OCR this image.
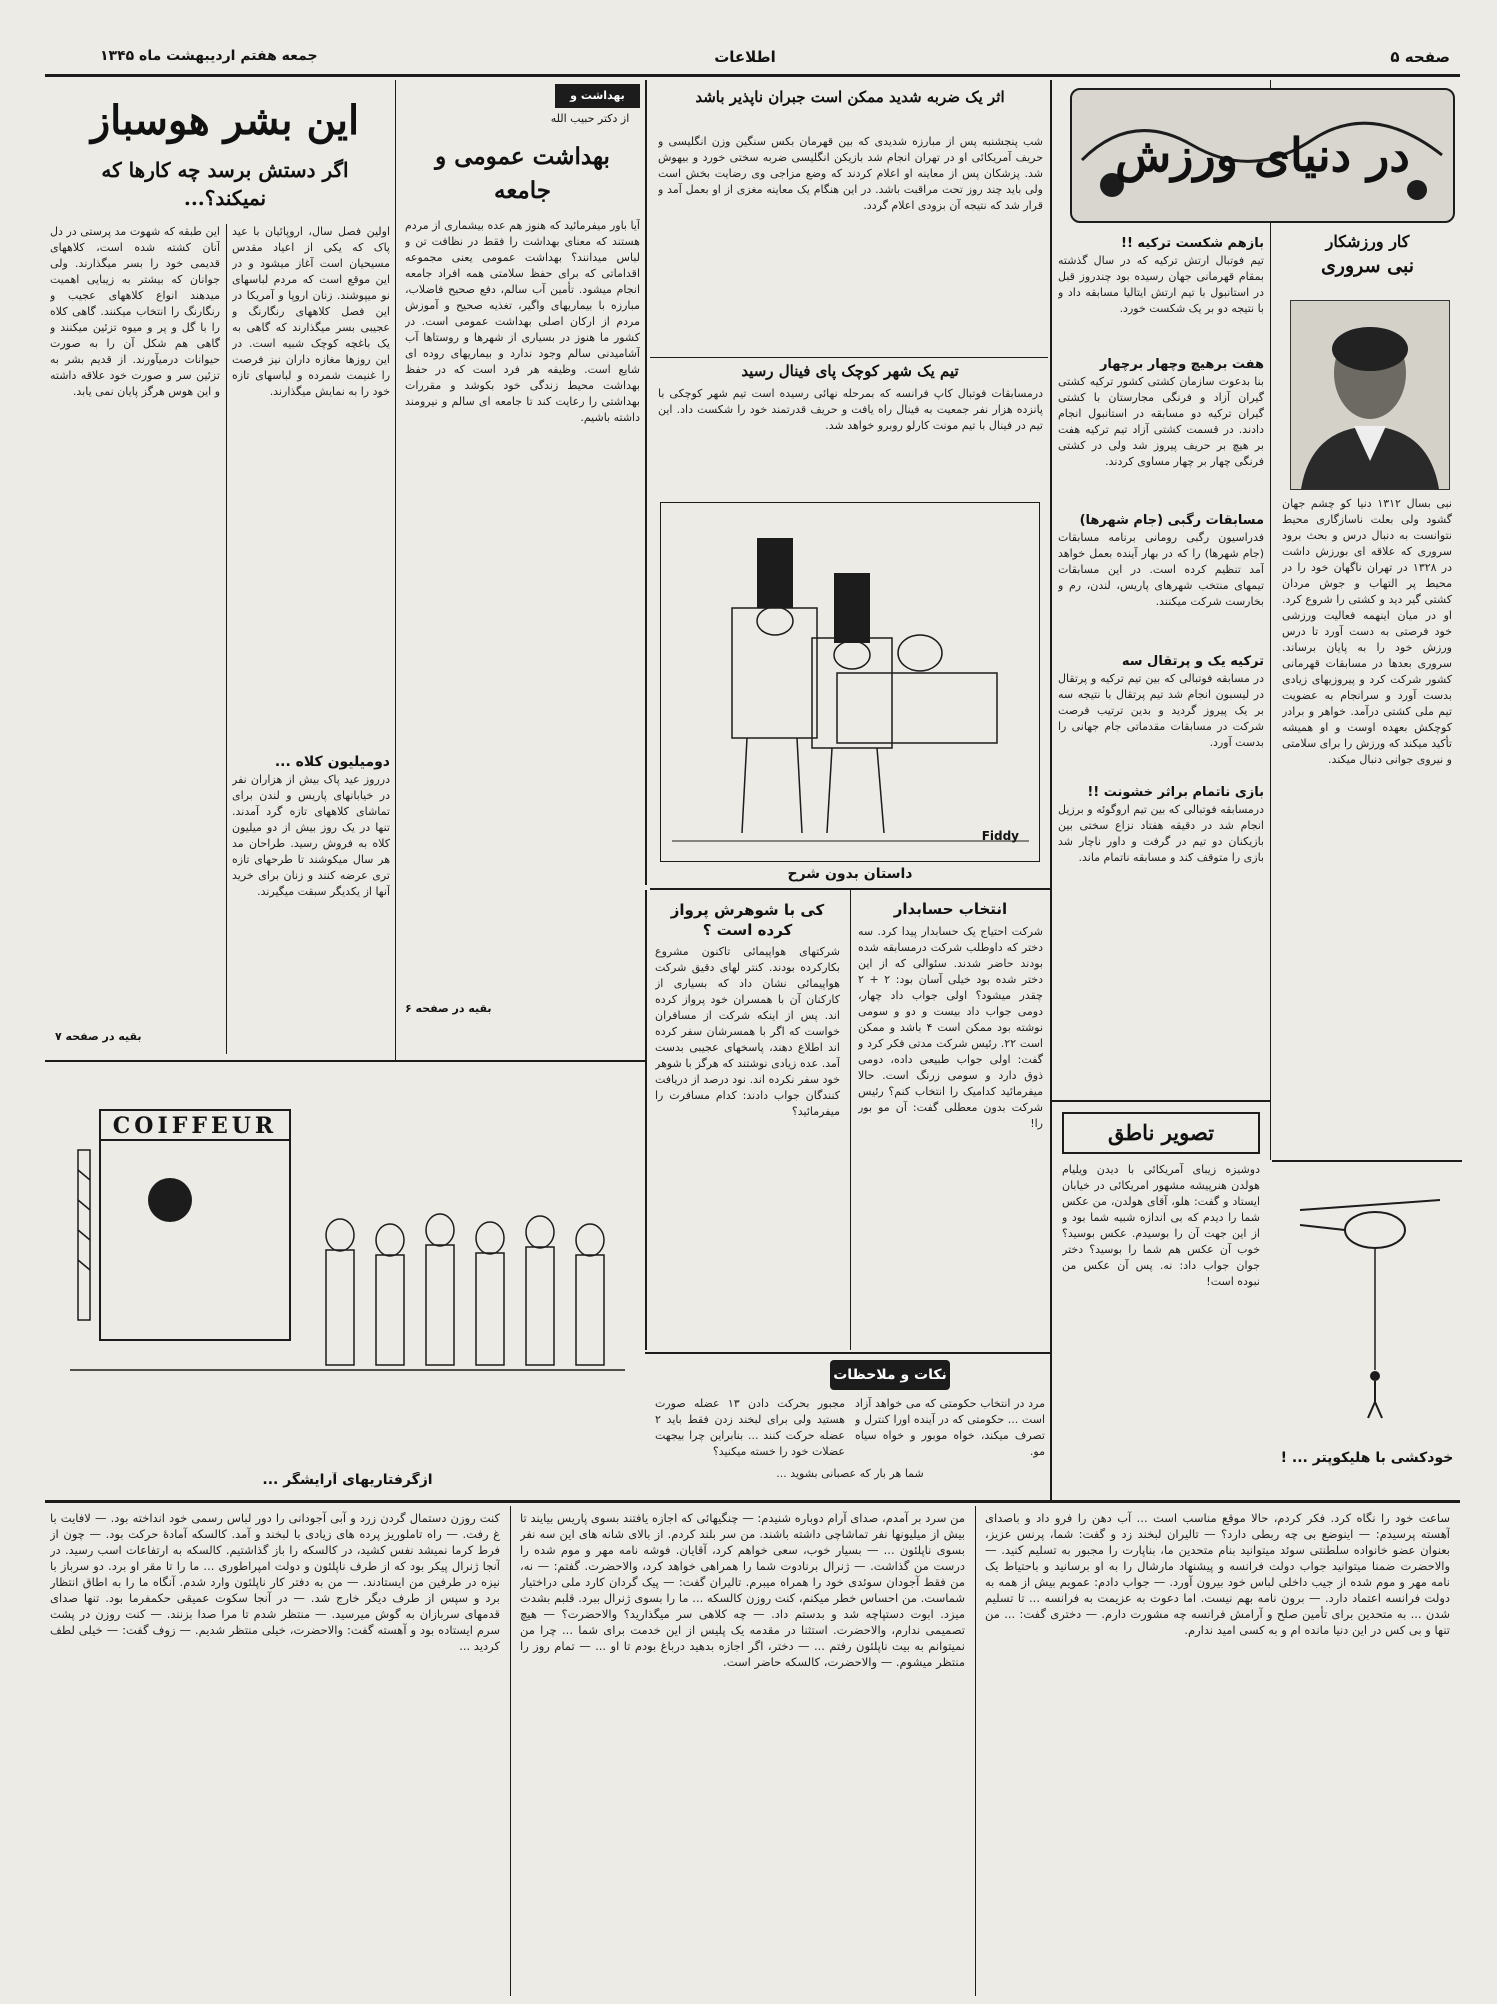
صفحه ۵
اطلاعات
جمعه هفتم اردیبهشت ماه ۱۳۴۵
در دنیای ورزش
کار ورزشکار
نبی سروری
نبی بسال ۱۳۱۲ دنیا کو چشم جهان گشود ولی بعلت ناسازگاری محیط نتوانست به دنبال درس و بحث برود سروری که علاقه ای بورزش داشت در ۱۳۲۸ در تهران ناگهان خود را در محیط پر التهاب و جوش مردان کشتی گیر دید و کشتی را شروع کرد. او در میان اینهمه فعالیت ورزشی خود فرصتی به دست آورد تا درس ورزش خود را به پایان برساند. سروری بعدها در مسابقات قهرمانی کشور شرکت کرد و پیروزیهای زیادی بدست آورد و سرانجام به عضویت تیم ملی کشتی درآمد. خواهر و برادر کوچکش بعهده اوست و او همیشه تأکید میکند که ورزش را برای سلامتی و نیروی جوانی دنبال میکند.
بازهم شکست ترکیه !!
تیم فوتبال ارتش ترکیه که در سال گذشته بمقام قهرمانی جهان رسیده بود چندروز قبل در استانبول با تیم ارتش ایتالیا مسابقه داد و با نتیجه دو بر یک شکست خورد.
هفت برهیچ وچهار برچهار
بنا بدعوت سازمان کشتی کشور ترکیه کشتی گیران آزاد و فرنگی مجارستان با کشتی گیران ترکیه دو مسابقه در استانبول انجام دادند. در قسمت کشتی آزاد تیم ترکیه هفت بر هیچ بر حریف پیروز شد ولی در کشتی فرنگی چهار بر چهار مساوی کردند.
مسابقات رگبی (جام شهرها)
فدراسیون رگبی رومانی برنامه مسابقات (جام شهرها) را که در بهار آینده بعمل خواهد آمد تنظیم کرده است. در این مسابقات تیمهای منتخب شهرهای پاریس، لندن، رم و بخارست شرکت میکنند.
ترکیه یک و پرتقال سه
در مسابقه فوتبالی که بین تیم ترکیه و پرتقال در لیسبون انجام شد تیم پرتقال با نتیجه سه بر یک پیروز گردید و بدین ترتیب فرصت شرکت در مسابقات مقدماتی جام جهانی را بدست آورد.
بازی ناتمام براثر خشونت !!
درمسابقه فوتبالی که بین تیم اروگوئه و برزیل انجام شد در دقیقه هفتاد نزاع سختی بین بازیکنان دو تیم در گرفت و داور ناچار شد بازی را متوقف کند و مسابقه ناتمام ماند.
تصویر ناطق
دوشیزه زیبای آمریکائی با دیدن ویلیام هولدن هنرپیشه مشهور امریکائی در خیابان ایستاد و گفت: هلو، آقای هولدن، من عکس شما را دیدم که بی اندازه شبیه شما بود و از این جهت آن را بوسیدم. عکس بوسید؟ خوب آن عکس هم شما را بوسید؟ دختر جوان جواب داد: نه. پس آن عکس من نبوده است!
خودکشی با هلیکوپتر ... !
اثر یک ضربه شدید ممکن است جبران ناپذیر باشد
شب پنجشنبه پس از مبارزه شدیدی که بین قهرمان بکس سنگین وزن انگلیسی و حریف آمریکائی او در تهران انجام شد بازیکن انگلیسی ضربه سختی خورد و بیهوش شد. پزشکان پس از معاینه او اعلام کردند که وضع مزاجی وی رضایت بخش است ولی باید چند روز تحت مراقبت باشد. در این هنگام یک معاینه مغزی از او بعمل آمد و قرار شد که نتیجه آن بزودی اعلام گردد.
تیم یک شهر کوچک پای فینال رسید
درمسابقات فوتبال کاپ فرانسه که بمرحله نهائی رسیده است تیم شهر کوچکی با پانزده هزار نفر جمعیت به فینال راه یافت و حریف قدرتمند خود را شکست داد. این تیم در فینال با تیم مونت کارلو روبرو خواهد شد.
Fiddy
داستان بدون شرح
انتخاب حسابدار
شرکت احتیاج یک حسابدار پیدا کرد. سه دختر که داوطلب شرکت درمسابقه شده بودند حاضر شدند. سئوالی که از این دختر شده بود خیلی آسان بود: ۲ + ۲ چقدر میشود؟ اولی جواب داد چهار، دومی جواب داد بیست و دو و سومی نوشته بود ممکن است ۴ باشد و ممکن است ۲۲. رئیس شرکت مدتی فکر کرد و گفت: اولی جواب طبیعی داده، دومی ذوق دارد و سومی زرنگ است. حالا میفرمائید کدامیک را انتخاب کنم؟ رئیس شرکت بدون معطلی گفت: آن مو بور را!
کی با شوهرش پرواز کرده است ؟
شرکتهای هواپیمائی تاکنون مشروع بکارکرده بودند. کنتر لهای دقیق شرکت هواپیمائی نشان داد که بسیاری از کارکنان آن با همسران خود پرواز کرده اند. پس از اینکه شرکت از مسافران خواست که اگر با همسرشان سفر کرده اند اطلاع دهند، پاسخهای عجیبی بدست آمد. عده زیادی نوشتند که هرگز با شوهر خود سفر نکرده اند. نود درصد از دریافت کنندگان جواب دادند: کدام مسافرت را میفرمائید؟
نکات و ملاحظات
مرد در انتخاب حکومتی که می خواهد آزاد است ... حکومتی که در آینده اورا کنترل و تصرف میکند، خواه موبور و خواه سیاه مو.
مجبور بحرکت دادن ۱۳ عضله صورت هستید ولی برای لبخند زدن فقط باید ۲ عضله حرکت کنند ... بنابراین چرا بیجهت عضلات خود را خسته میکنید؟
شما هر بار که عصبانی بشوید ...
بهداشت و
از دکتر حبیب الله
بهداشت عمومی و جامعه
آیا باور میفرمائید که هنوز هم عده بیشماری از مردم هستند که معنای بهداشت را فقط در نظافت تن و لباس میدانند؟ بهداشت عمومی یعنی مجموعه اقداماتی که برای حفظ سلامتی همه افراد جامعه انجام میشود. تأمین آب سالم، دفع صحیح فاضلاب، مبارزه با بیماریهای واگیر، تغذیه صحیح و آموزش مردم از ارکان اصلی بهداشت عمومی است. در کشور ما هنوز در بسیاری از شهرها و روستاها آب آشامیدنی سالم وجود ندارد و بیماریهای روده ای شایع است. وظیفه هر فرد است که در حفظ بهداشت محیط زندگی خود بکوشد و مقررات بهداشتی را رعایت کند تا جامعه ای سالم و نیرومند داشته باشیم.
بقیه در صفحه ۶
این بشر هوسباز
اگر دستش برسد چه کارها که نمیکند؟...
اولین فصل سال، اروپائیان با عید پاک که یکی از اعیاد مقدس مسیحیان است آغاز میشود و در این موقع است که مردم لباسهای نو میپوشند. زنان اروپا و آمریکا در این فصل کلاههای رنگارنگ و عجیبی بسر میگذارند که گاهی به یک باغچه کوچک شبیه است. در این روزها مغازه داران نیز فرصت را غنیمت شمرده و لباسهای تازه خود را به نمایش میگذارند.
دومیلیون کلاه ...
درروز عید پاک بیش از هزاران نفر در خیابانهای پاریس و لندن برای تماشای کلاههای تازه گرد آمدند. تنها در یک روز بیش از دو میلیون کلاه به فروش رسید. طراحان مد هر سال میکوشند تا طرحهای تازه تری عرضه کنند و زنان برای خرید آنها از یکدیگر سبقت میگیرند.
این طبقه که شهوت مد پرستی در دل آنان کشته شده است، کلاههای قدیمی خود را بسر میگذارند. ولی جوانان که بیشتر به زیبایی اهمیت میدهند انواع کلاههای عجیب و رنگارنگ را انتخاب میکنند. گاهی کلاه را با گل و پر و میوه تزئین میکنند و گاهی هم شکل آن را به صورت حیوانات درمیآورند. از قدیم بشر به تزئین سر و صورت خود علاقه داشته و این هوس هرگز پایان نمی یابد.
بقیه در صفحه ۷
COIFFEUR
ازگرفتاریهای آرایشگر ...
ساعت خود را نگاه کرد. فکر کردم، حالا موقع مناسب است ... آب دهن را فرو داد و باصدای آهسته پرسیدم: — اینوضع بی چه ربطی دارد؟ — تالیران لبخند زد و گفت: شما، پرنس عزیز، بعنوان عضو خانواده سلطنتی سوئد میتوانید بنام متحدین ما، بناپارت را مجبور به تسلیم کنید. — والاحضرت ضمنا میتوانید جواب دولت فرانسه و پیشنهاد مارشال را به او برسانید و باحتیاط یک نامه مهر و موم شده از جیب داخلی لباس خود بیرون آورد. — جواب دادم: عمویم بیش از همه به دولت فرانسه اعتماد دارد. — برون نامه بهم نیست. اما دعوت به عزیمت به فرانسه ... تا تسلیم شدن ... به متحدین برای تأمین صلح و آرامش فرانسه چه مشورت دارم. — دختری گفت: ... من تنها و بی کس در این دنیا مانده ام و به کسی امید ندارم.
من سرد بر آمدم، صدای آرام دوباره شنیدم: — چنگیهائی که اجازه یافتند بسوی پاریس بیایند تا بیش از میلیونها نفر تماشاچی داشته باشند. من سر بلند کردم. از بالای شانه های این سه نفر بسوی ناپلئون ... — بسیار خوب، سعی خواهم کرد، آقایان. فوشه نامه مهر و موم شده را درست من گذاشت. — ژنرال برنادوت شما را همراهی خواهد کرد، والاحضرت. گفتم: — نه، من فقط آجودان سوئدی خود را همراه میبرم. تالیران گفت: — پیک گردان کارد ملی دراختیار شماست. من احساس خطر میکنم، کنت روزن کالسکه ... ما را بسوی ژنرال ببرد. قلبم بشدت میزد. ابوت دستپاچه شد و بدستم داد. — چه کلاهی سر میگذارید؟ والاحضرت؟ — هیچ تصمیمی ندارم، والاحضرت. استثنا در مقدمه یک پلیس از این خدمت برای شما ... چرا من نمیتوانم به بیت ناپلئون رفتم ... — دختر، اگر اجازه بدهید درباغ بودم تا او ... — تمام روز را منتظر میشوم. — والاحضرت، کالسکه حاضر است.
کنت روزن دستمال گردن زرد و آبی آجودانی را دور لباس رسمی خود انداخته بود. — لافایت با غ رفت. — راه تاملوریز پرده های زیادی با لبخند و آمد. کالسکه آمادهٔ حرکت بود. — چون از فرط کرما نمیشد نفس کشید، در کالسکه را باز گذاشتیم. کالسکه به ارتفاعات اسب رسید. در آنجا ژنرال پیکر بود که از طرف ناپلئون و دولت امپراطوری ... ما را تا مقر او برد. دو سرباز با نیزه در طرفین من ایستادند. — من به دفتر کار ناپلئون وارد شدم. آنگاه ما را به اطاق انتظار برد و سپس از طرف دیگر خارج شد. — در آنجا سکوت عمیقی حکمفرما بود. تنها صدای قدمهای سربازان به گوش میرسید. — منتظر شدم تا مرا صدا بزنند. — کنت روزن در پشت سرم ایستاده بود و آهسته گفت: والاحضرت، خیلی منتظر شدیم. — زوف گفت: — خیلی لطف کردید ...
